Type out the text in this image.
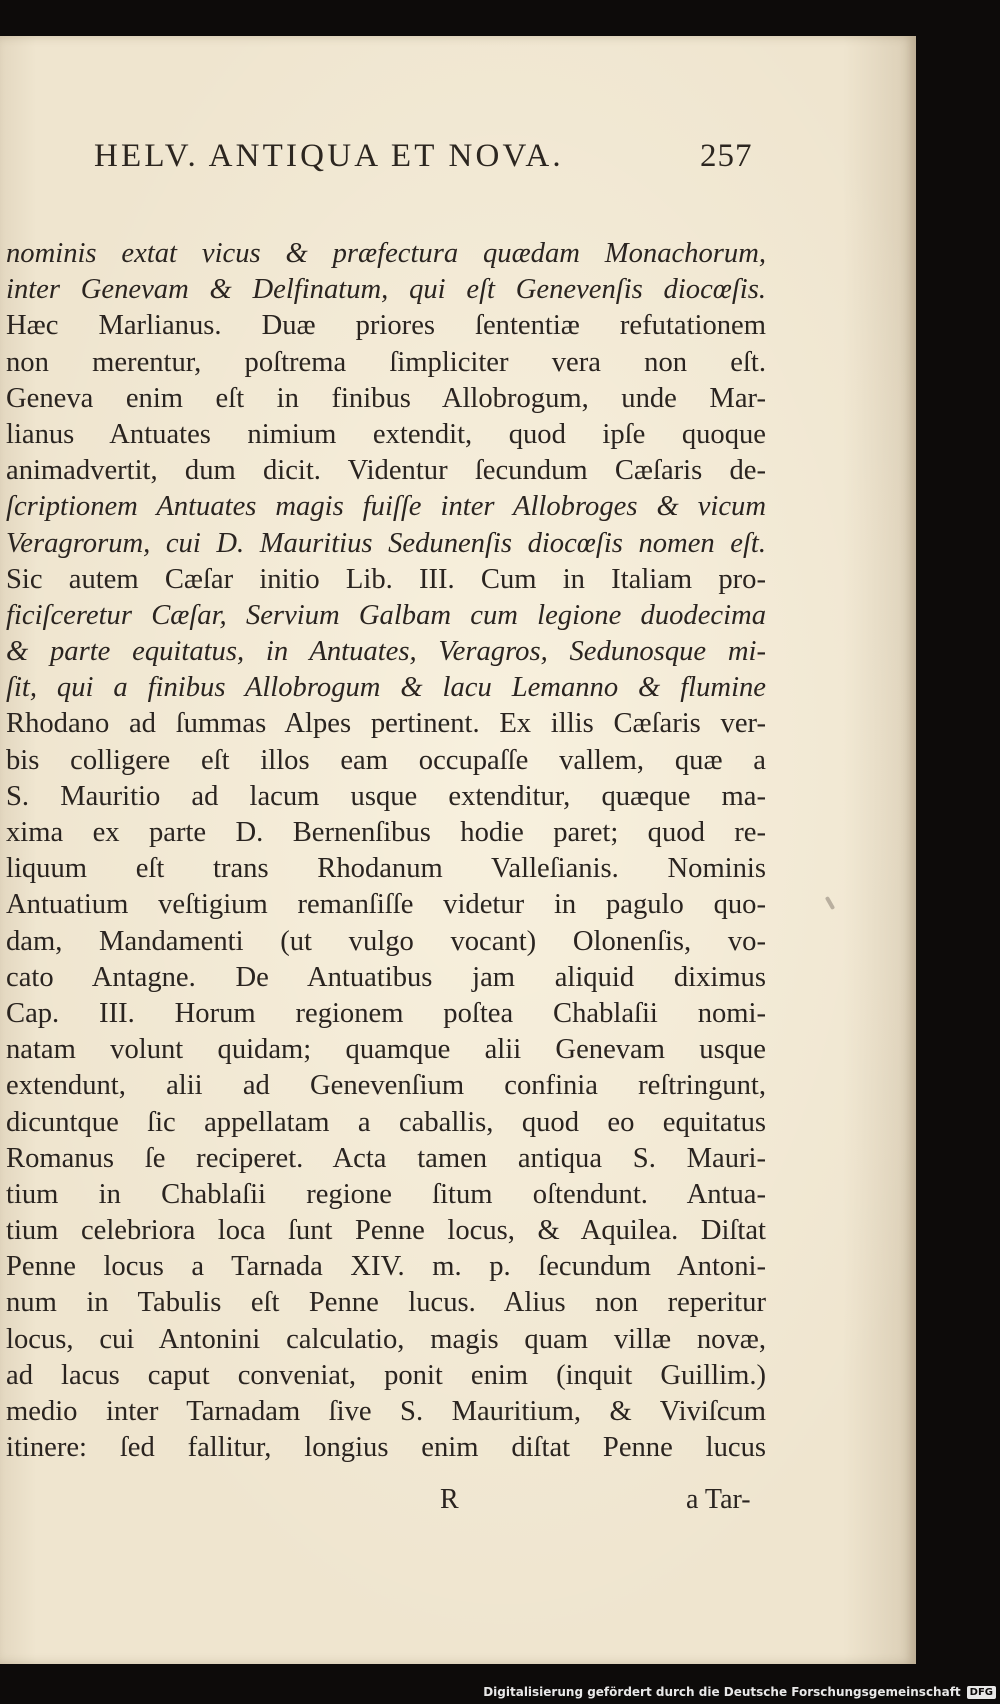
HELV. ANTIQUA ET NOVA.	257
nominis extat vicus & præfectura quædam Monachorum,
inter Genevam & Delfinatum, qui eſt Genevenſis diocœſis.
Hæc Marlianus. Duæ priores ſententiæ refutationem
non merentur, poſtrema ſimpliciter vera non eſt.
Geneva enim eſt in finibus Allobrogum, unde Mar-
lianus Antuates nimium extendit, quod ipſe quoque
animadvertit, dum dicit. Videntur ſecundum Cæſaris de-
ſcriptionem Antuates magis fuiſſe inter Allobroges & vicum
Veragrorum, cui D. Mauritius Sedunenſis diocœſis nomen eſt.
Sic autem Cæſar initio Lib. III. Cum in Italiam pro-
ficiſceretur Cæſar, Servium Galbam cum legione duodecima
& parte equitatus, in Antuates, Veragros, Sedunosque mi-
ſit, qui a finibus Allobrogum & lacu Lemanno & flumine
Rhodano ad ſummas Alpes pertinent. Ex illis Cæſaris ver-
bis colligere eſt illos eam occupaſſe vallem, quæ a
S. Mauritio ad lacum usque extenditur, quæque ma-
xima ex parte D. Bernenſibus hodie paret; quod re-
liquum eſt trans Rhodanum Valleſianis. Nominis
Antuatium veſtigium remanſiſſe videtur in pagulo quo-
dam, Mandamenti (ut vulgo vocant) Olonenſis, vo-
cato Antagne. De Antuatibus jam aliquid diximus
Cap. III. Horum regionem poſtea Chablaſii nomi-
natam volunt quidam; quamque alii Genevam usque
extendunt, alii ad Genevenſium confinia reſtringunt,
dicuntque ſic appellatam a caballis, quod eo equitatus
Romanus ſe reciperet. Acta tamen antiqua S. Mauri-
tium in Chablaſii regione ſitum oſtendunt. Antua-
tium celebriora loca ſunt Penne locus, & Aquilea. Diſtat
Penne locus a Tarnada XIV. m. p. ſecundum Antoni-
num in Tabulis eſt Penne lucus. Alius non reperitur
locus, cui Antonini calculatio, magis quam villæ novæ,
ad lacus caput conveniat, ponit enim (inquit Guillim.)
medio inter Tarnadam ſive S. Mauritium, & Viviſcum
itinere: ſed fallitur, longius enim diſtat Penne lucus
R	a Tar-
Digitalisierung gefördert durch die Deutsche Forschungsgemeinschaft DFG
